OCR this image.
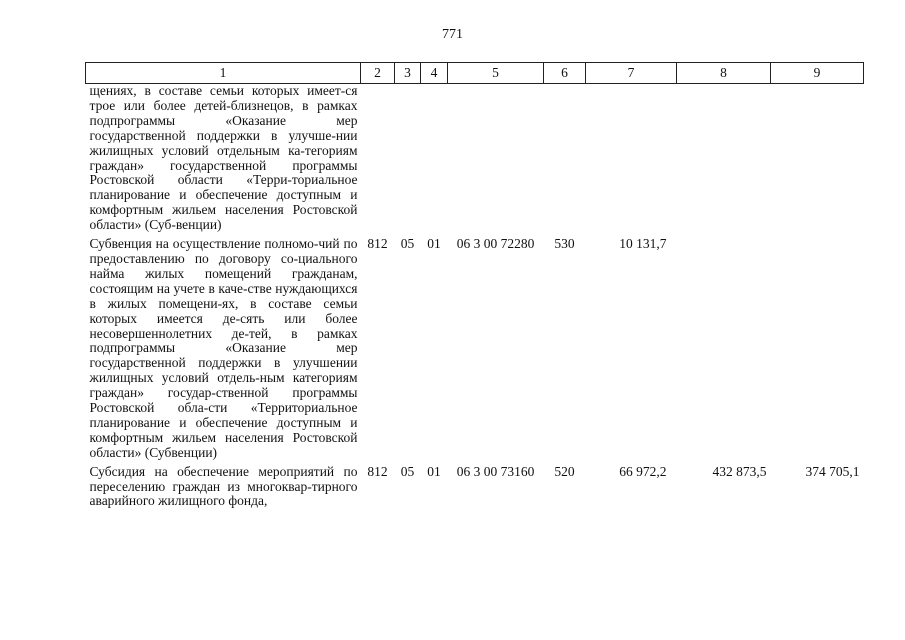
771
1	2	3	4	5	6	7	8	9
щениях, в составе семьи которых имеет-ся трое или более детей-близнецов, в рамках подпрограммы «Оказание мер государственной поддержки в улучше-нии жилищных условий отдельным ка-тегориям граждан» государственной программы Ростовской области «Терри-ториальное планирование и обеспечение доступным и комфортным жильем населения Ростовской области» (Суб-венции)								
Субвенция на осуществление полномо-чий по предоставлению по договору со-циального найма жилых помещений гражданам, состоящим на учете в каче-стве нуждающихся в жилых помещени-ях, в составе семьи которых имеется де-сять или более несовершеннолетних де-тей, в рамках подпрограммы «Оказание мер государственной поддержки в улучшении жилищных условий отдель-ным категориям граждан» государ-ственной программы Ростовской обла-сти «Территориальное планирование и обеспечение доступным и комфортным жильем населения Ростовской области» (Субвенции)	812	05	01	06 3 00 72280	530	10 131,7		
Субсидия на обеспечение мероприятий по переселению граждан из многоквар-тирного аварийного жилищного фонда,	812	05	01	06 3 00 73160	520	66 972,2	432 873,5	374 705,1
